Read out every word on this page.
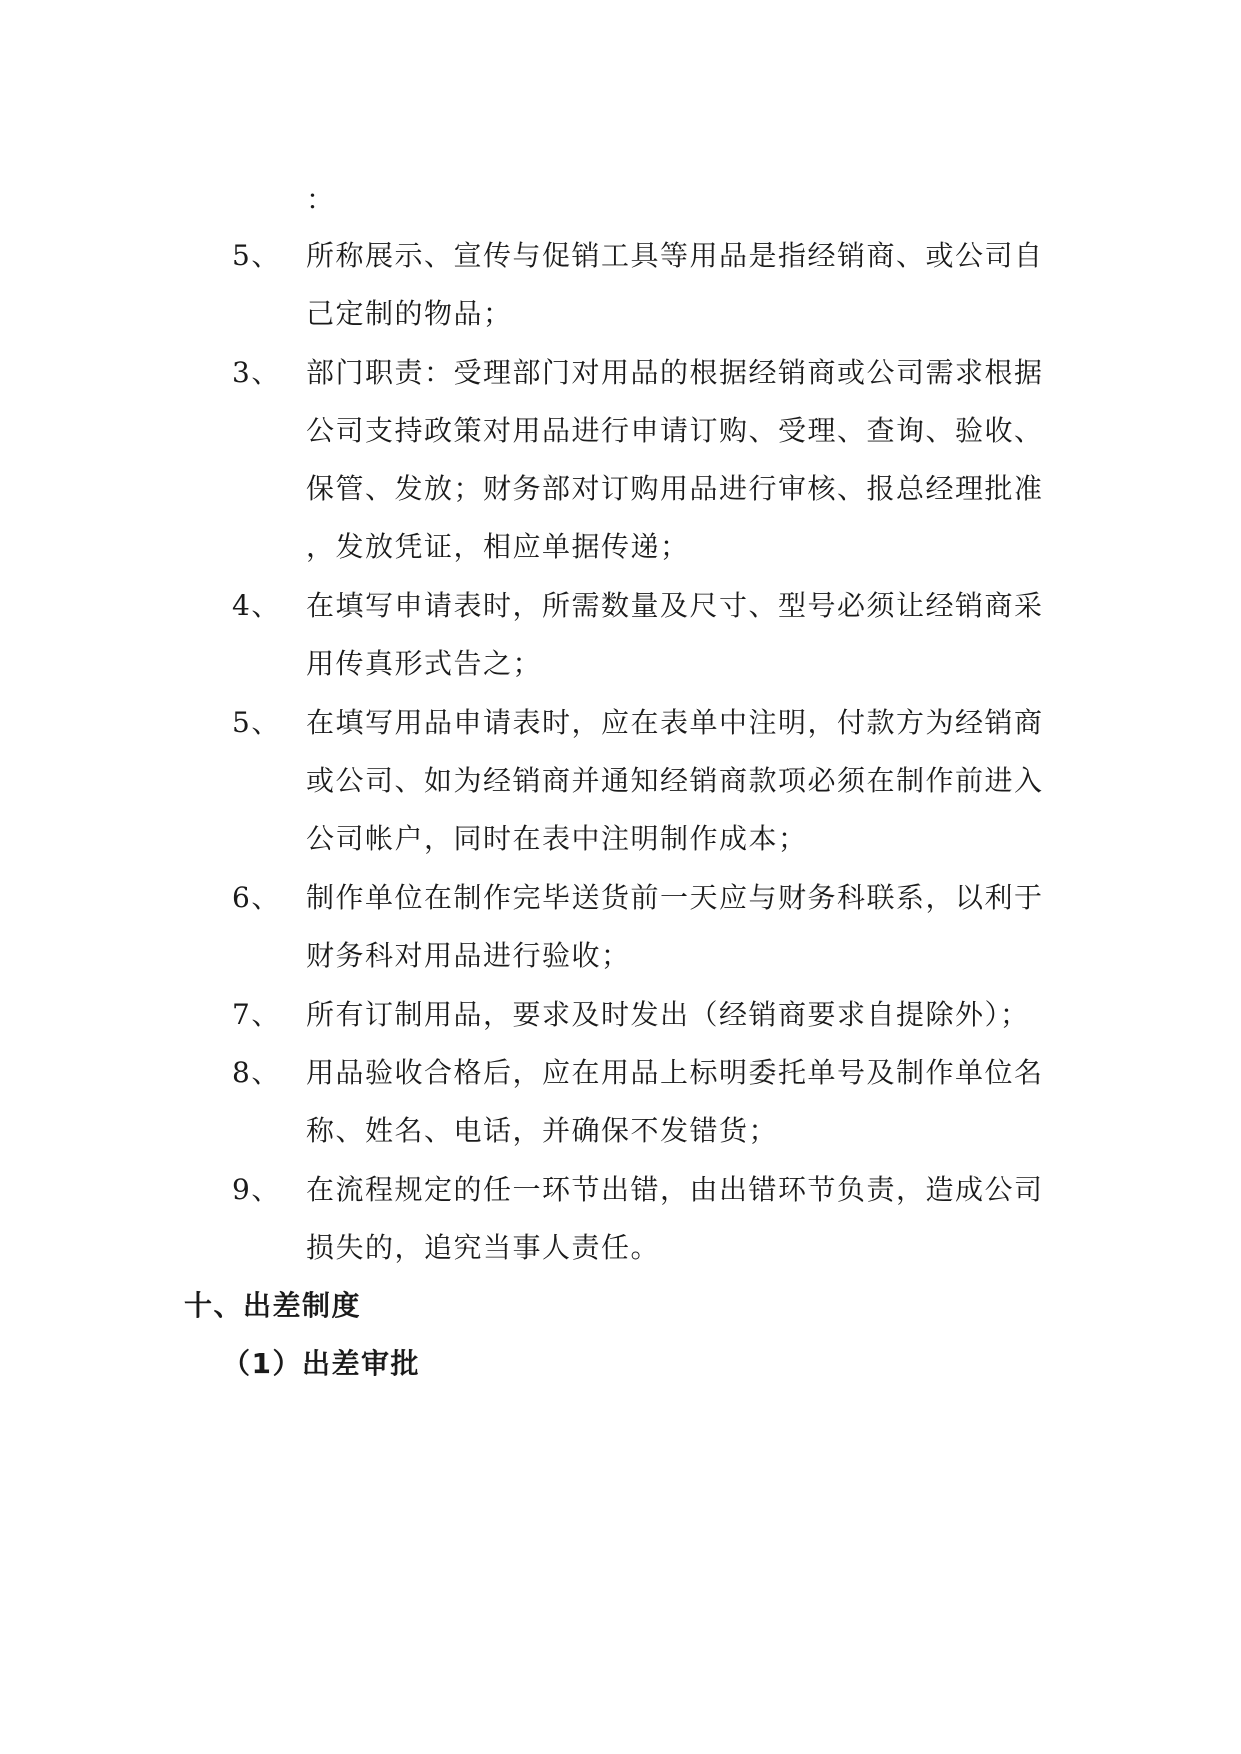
：
5、 所称展示、宣传与促销工具等用品是指经销商、或公司自
己定制的物品；
3、 部门职责：受理部门对用品的根据经销商或公司需求根据
公司支持政策对用品进行申请订购、受理、查询、验收、
保管、发放；财务部对订购用品进行审核、报总经理批准
，发放凭证，相应单据传递；
4、 在填写申请表时，所需数量及尺寸、型号必须让经销商采
用传真形式告之；
5、 在填写用品申请表时，应在表单中注明，付款方为经销商
或公司、如为经销商并通知经销商款项必须在制作前进入
公司帐户，同时在表中注明制作成本；
6、 制作单位在制作完毕送货前一天应与财务科联系，以利于
财务科对用品进行验收；
7、 所有订制用品，要求及时发出（经销商要求自提除外）；
8、 用品验收合格后，应在用品上标明委托单号及制作单位名
称、姓名、电话，并确保不发错货；
9、 在流程规定的任一环节出错，由出错环节负责，造成公司
损失的，追究当事人责任。
十、出差制度
（1）出差审批
